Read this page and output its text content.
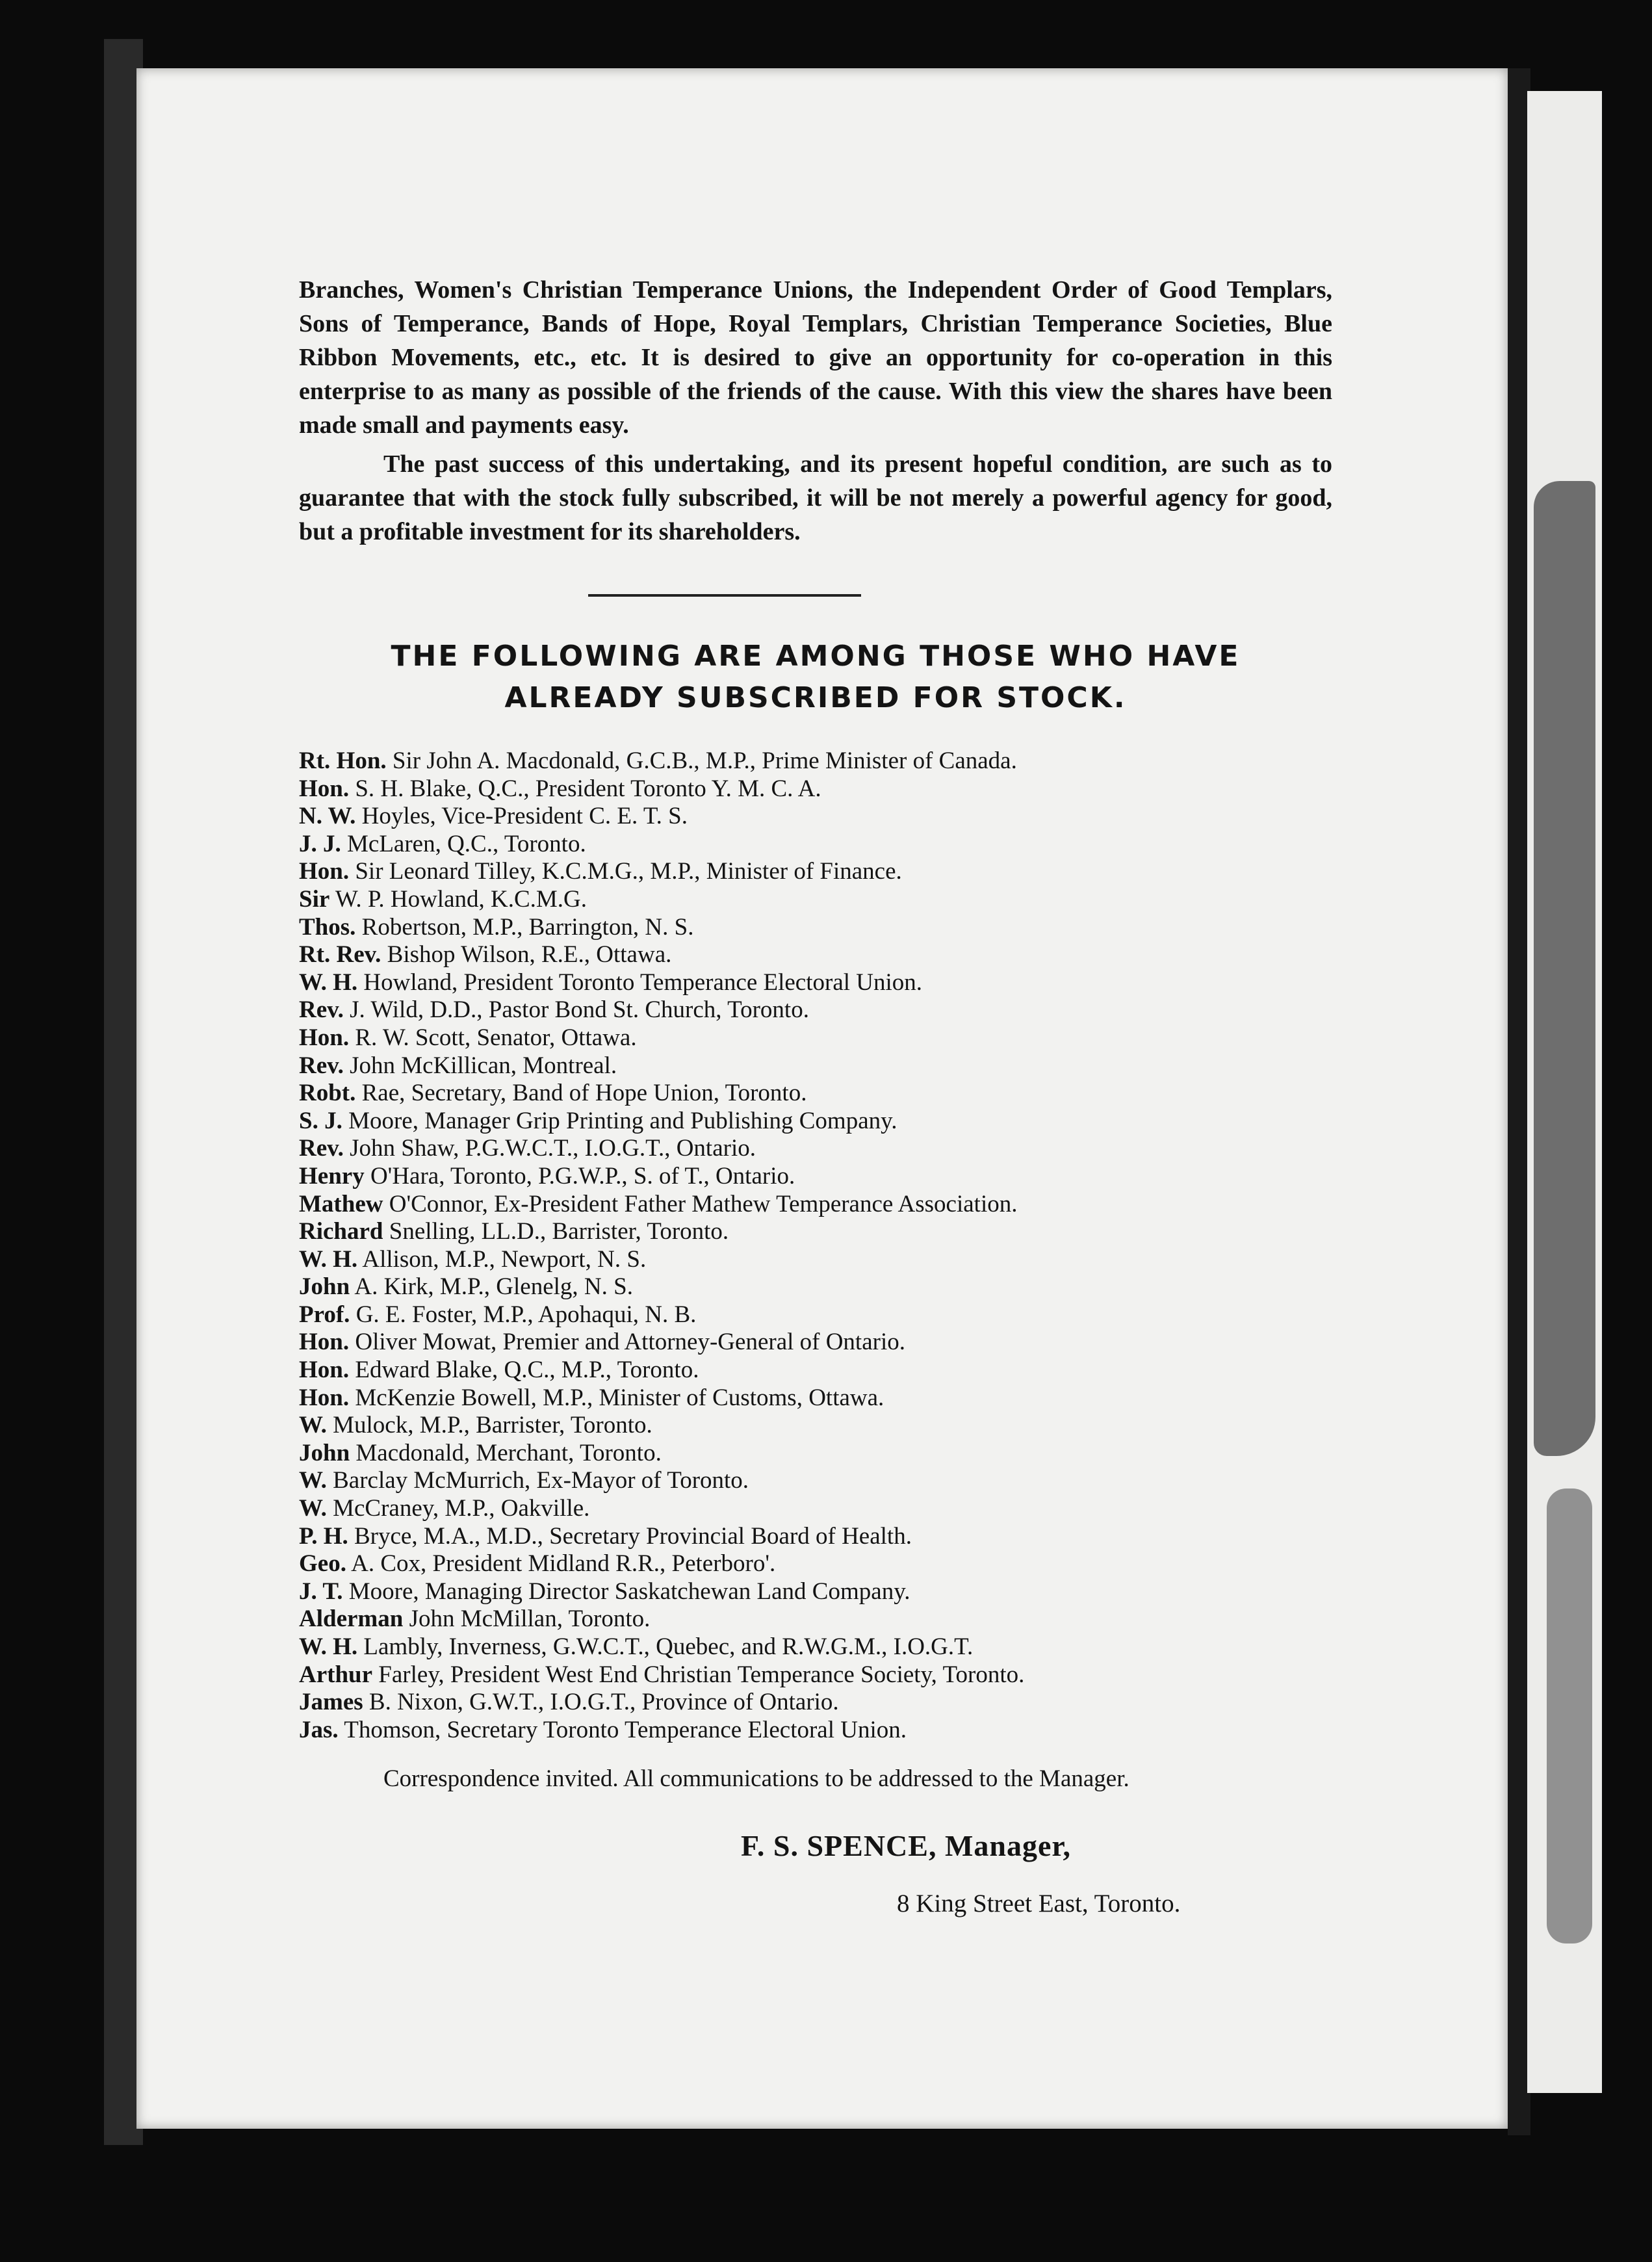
Branches, Women's Christian Temperance Unions, the Independent Order of Good Templars, Sons of Temperance, Bands of Hope, Royal Templars, Christian Temperance Societies, Blue Ribbon Movements, etc., etc. It is desired to give an opportunity for co-operation in this enterprise to as many as possible of the friends of the cause. With this view the shares have been made small and payments easy.

The past success of this undertaking, and its present hopeful condition, are such as to guarantee that with the stock fully subscribed, it will be not merely a powerful agency for good, but a profitable investment for its shareholders.

THE FOLLOWING ARE AMONG THOSE WHO HAVE
ALREADY SUBSCRIBED FOR STOCK.
Rt. Hon. Sir John A. Macdonald, G.C.B., M.P., Prime Minister of Canada.
Hon. S. H. Blake, Q.C., President Toronto Y. M. C. A.
N. W. Hoyles, Vice-President C. E. T. S.
J. J. McLaren, Q.C., Toronto.
Hon. Sir Leonard Tilley, K.C.M.G., M.P., Minister of Finance.
Sir W. P. Howland, K.C.M.G.
Thos. Robertson, M.P., Barrington, N. S.
Rt. Rev. Bishop Wilson, R.E., Ottawa.
W. H. Howland, President Toronto Temperance Electoral Union.
Rev. J. Wild, D.D., Pastor Bond St. Church, Toronto.
Hon. R. W. Scott, Senator, Ottawa.
Rev. John McKillican, Montreal.
Robt. Rae, Secretary, Band of Hope Union, Toronto.
S. J. Moore, Manager Grip Printing and Publishing Company.
Rev. John Shaw, P.G.W.C.T., I.O.G.T., Ontario.
Henry O'Hara, Toronto, P.G.W.P., S. of T., Ontario.
Mathew O'Connor, Ex-President Father Mathew Temperance Association.
Richard Snelling, LL.D., Barrister, Toronto.
W. H. Allison, M.P., Newport, N. S.
John A. Kirk, M.P., Glenelg, N. S.
Prof. G. E. Foster, M.P., Apohaqui, N. B.
Hon. Oliver Mowat, Premier and Attorney-General of Ontario.
Hon. Edward Blake, Q.C., M.P., Toronto.
Hon. McKenzie Bowell, M.P., Minister of Customs, Ottawa.
W. Mulock, M.P., Barrister, Toronto.
John Macdonald, Merchant, Toronto.
W. Barclay McMurrich, Ex-Mayor of Toronto.
W. McCraney, M.P., Oakville.
P. H. Bryce, M.A., M.D., Secretary Provincial Board of Health.
Geo. A. Cox, President Midland R.R., Peterboro'.
J. T. Moore, Managing Director Saskatchewan Land Company.
Alderman John McMillan, Toronto.
W. H. Lambly, Inverness, G.W.C.T., Quebec, and R.W.G.M., I.O.G.T.
Arthur Farley, President West End Christian Temperance Society, Toronto.
James B. Nixon, G.W.T., I.O.G.T., Province of Ontario.
Jas. Thomson, Secretary Toronto Temperance Electoral Union.

Correspondence invited. All communications to be addressed to the Manager.

F. S. SPENCE, Manager,
8 King Street East, Toronto.
